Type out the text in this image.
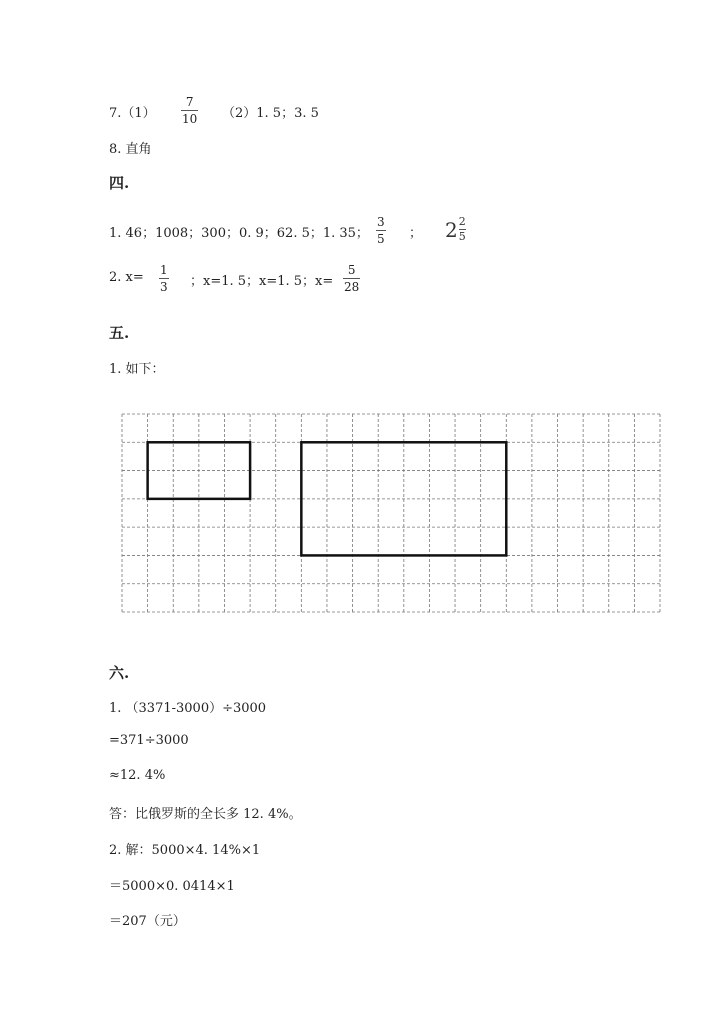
7.（1）
7
10 （2）1. 5；3. 5
8. 直角
四.
1. 46；1008；300；0. 9；62. 5；1. 35；
3
5 ； $2 \frac{2}{5}$
2. x= 1
3 ；x=1. 5；x=1. 5；x=
5
28
五.
1. 如下：
六.
1. （3371-3000）÷3000
=371÷3000
≈12. 4%
答：比俄罗斯的全长多 12. 4%。
2. 解：5000×4. 14%×1
＝5000×0. 0414×1
＝207（元）
